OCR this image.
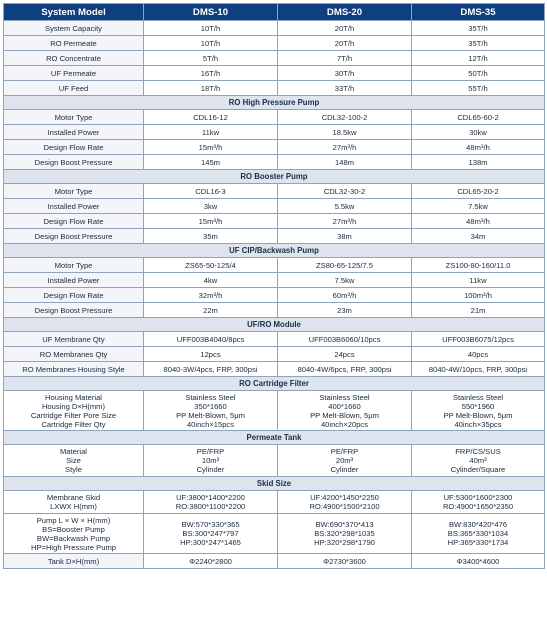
System Model	DMS-10	DMS-20	DMS-35

System Capacity	10T/h	20T/h	35T/h

RO Permeate	10T/h	20T/h	35T/h

RO Concentrate	5T/h	7T/h	12T/h

UF Permeate	16T/h	30T/h	50T/h

UF Feed	18T/h	33T/h	55T/h

RO High Pressure Pump			

Motor Type	CDL16-12	CDL32-100-2	CDL65-60-2

Installed Power	11kw	18.5kw	30kw

Design Flow Rate	15m³/h	27m³/h	48m³/h

Design Boost Pressure	145m	148m	138m

RO Booster Pump			

Motor Type	CDL16-3	CDL32-30-2	CDL65-20-2

Installed Power	3kw	5.5kw	7.5kw

Design Flow Rate	15m³/h	27m³/h	48m³/h

Design Boost Pressure	35m	38m	34m

UF CIP/Backwash Pump			

Motor Type	ZS65-50-125/4	ZS80-65-125/7.5	ZS100-80-160/11.0

Installed Power	4kw	7.5kw	11kw

Design Flow Rate	32m³/h	60m³/h	100m³/h

Design Boost Pressure	22m	23m	21m

UF/RO Module			

UF Membrane Qty	UFF003B4040/8pcs	UFF003B6060/10pcs	UFF003B6075/12pcs

RO Membranes Qty	12pcs	24pcs	40pcs

RO Membranes Housing Style	8040-3W/4pcs, FRP, 300psi	8040-4W/6pcs, FRP, 300psi	8040-4W/10pcs, FRP, 300psi

RO Cartridge Filter			

Housing Material
Housing D×H(mm)
Cartridge Filter Pore Size
Cartridge Filter Qty	Stainless Steel
350*1660
PP Melt-Blown, 5μm
40inch×15pcs	Stainless Steel
400*1660
PP Melt-Blown, 5μm
40inch×20pcs	Stainless Steel
550*1960
PP Melt-Blown, 5μm
40inch×35pcs

Permeate Tank			

Material
Size
Style	PE/FRP
10m³
Cylinder	PE/FRP
20m³
Cylinder	FRP/CS/SUS
40m³
Cylinder/Square

Skid Size			

Membrane Skid
LXWX H(mm)	UF:3800*1400*2200
RO:3800*1100*2200	UF:4200*1450*2250
RO:4900*1500*2100	UF:5300*1600*2300
RO:4900*1650*2350

Pump L × W × H(mm)
BS=Booster Pump
BW=Backwash Pump
HP=High Pressure Pump	BW:570*330*365
BS:300*247*797
HP:300*247*1465	BW:690*370*413
BS:320*298*1035
HP:320*298*1790	BW:830*420*476
BS:365*330*1034
HP:365*330*1734

Tank D×H(mm)	Φ2240*2800	Φ2730*3600	Φ3400*4600
